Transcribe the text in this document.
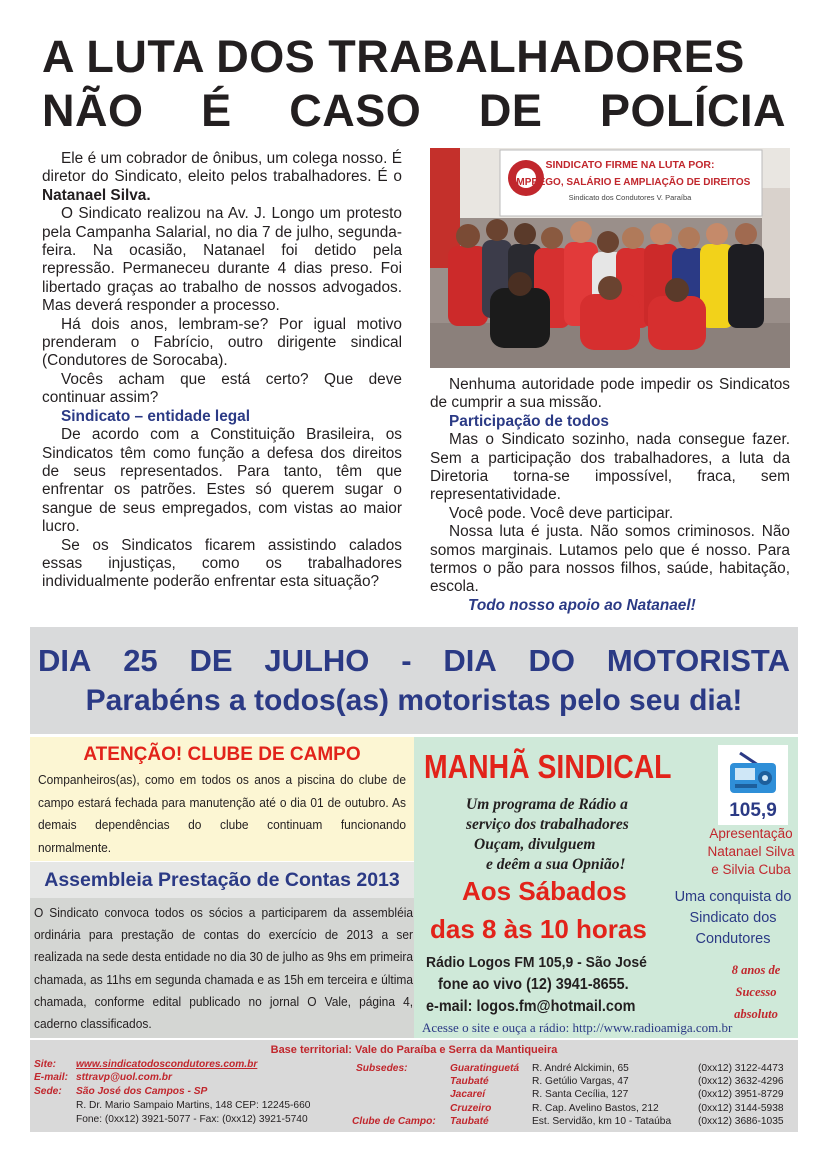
A LUTA DOS TRABALHADORES
NÃO É CASO DE POLÍCIA

Ele é um cobrador de ônibus, um colega nosso. É diretor do Sindicato, eleito pelos trabalhadores. É o Natanael Silva.

O Sindicato realizou na Av. J. Longo um protesto pela Campanha Salarial, no dia 7 de julho, segunda-feira. Na ocasião, Natanael foi detido pela repressão. Permaneceu durante 4 dias preso. Foi libertado graças ao trabalho de nossos advogados. Mas deverá responder a processo.

Há dois anos, lembram-se? Por igual motivo prenderam o Fabrício, outro dirigente sindical (Condutores de Sorocaba).

Vocês acham que está certo? Que deve continuar assim?

Sindicato – entidade legal

De acordo com a Constituição Brasileira, os Sindicatos têm como função a defesa dos direitos de seus representados. Para tanto, têm que enfrentar os patrões. Estes só querem sugar o sangue de seus empregados, com vistas ao maior lucro.

Se os Sindicatos ficarem assistindo calados essas injustiças, como os trabalhadores individualmente poderão enfrentar esta situação?

SINDICATO FIRME NA LUTA POR:
EMPREGO, SALÁRIO E AMPLIAÇÃO DE DIREITOS
Sindicato dos Condutores V. Paraíba

Nenhuma autoridade pode impedir os Sindicatos de cumprir a sua missão.

Participação de todos

Mas o Sindicato sozinho, nada consegue fazer. Sem a participação dos trabalhadores, a luta da Diretoria torna-se impossível, fraca, sem representatividade.

Você pode. Você deve participar.

Nossa luta é justa. Não somos criminosos. Não somos marginais. Lutamos pelo que é nosso. Para termos o pão para nossos filhos, saúde, habitação, escola.

Todo nosso apoio ao Natanael!

DIA 25 DE JULHO - DIA DO MOTORISTA
Parabéns a todos(as) motoristas pelo seu dia!
ATENÇÃO! CLUBE DE CAMPO

Companheiros(as), como em todos os anos a piscina do clube de campo estará fechada para manutenção até o dia 01 de outubro. As demais dependências do clube continuam funcionando normalmente.

Assembleia Prestação de Contas 2013

O Sindicato convoca todos os sócios a participarem da assembléia ordinária para prestação de contas do exercício de 2013 a ser realizada na sede desta entidade no dia 30 de julho as 9hs em primeira chamada, as 11hs em segunda chamada e as 15h em terceira e última chamada, conforme edital publicado no jornal O Vale, página 4, caderno classificados.

MANHÃ SINDICAL
105,9
Um programa de Rádio a
serviço dos trabalhadores
Ouçam, divulguem
e deêm a sua Opnião!
Apresentação
Natanael Silva
e Silvia Cuba
Aos Sábados
das 8 às 10 horas
Uma conquista do
Sindicato dos
Condutores
Rádio Logos FM 105,9 - São José
fone ao vivo (12) 3941-8655.
e-mail: logos.fm@hotmail.com
8 anos de
Sucesso absoluto
Acesse o site e ouça a rádio: http://www.radioamiga.com.br
Base territorial: Vale do Paraíba e Serra da Mantiqueira
Site: www.sindicatodoscondutores.com.br
E-mail: sttravp@uol.com.br
Sede: São José dos Campos - SP
R. Dr. Mario Sampaio Martins, 148 CEP: 12245-660
Fone: (0xx12) 3921-5077 - Fax: (0xx12) 3921-5740
Subsedes:
Clube de Campo:
Guaratinguetá
Taubaté
Jacareí
Cruzeiro
Taubaté
R. André Alckimin, 65
R. Getúlio Vargas, 47
R. Santa Cecília, 127
R. Cap. Avelino Bastos, 212
Est. Servidão, km 10 - Tataúba
(0xx12) 3122-4473
(0xx12) 3632-4296
(0xx12) 3951-8729
(0xx12) 3144-5938
(0xx12) 3686-1035
